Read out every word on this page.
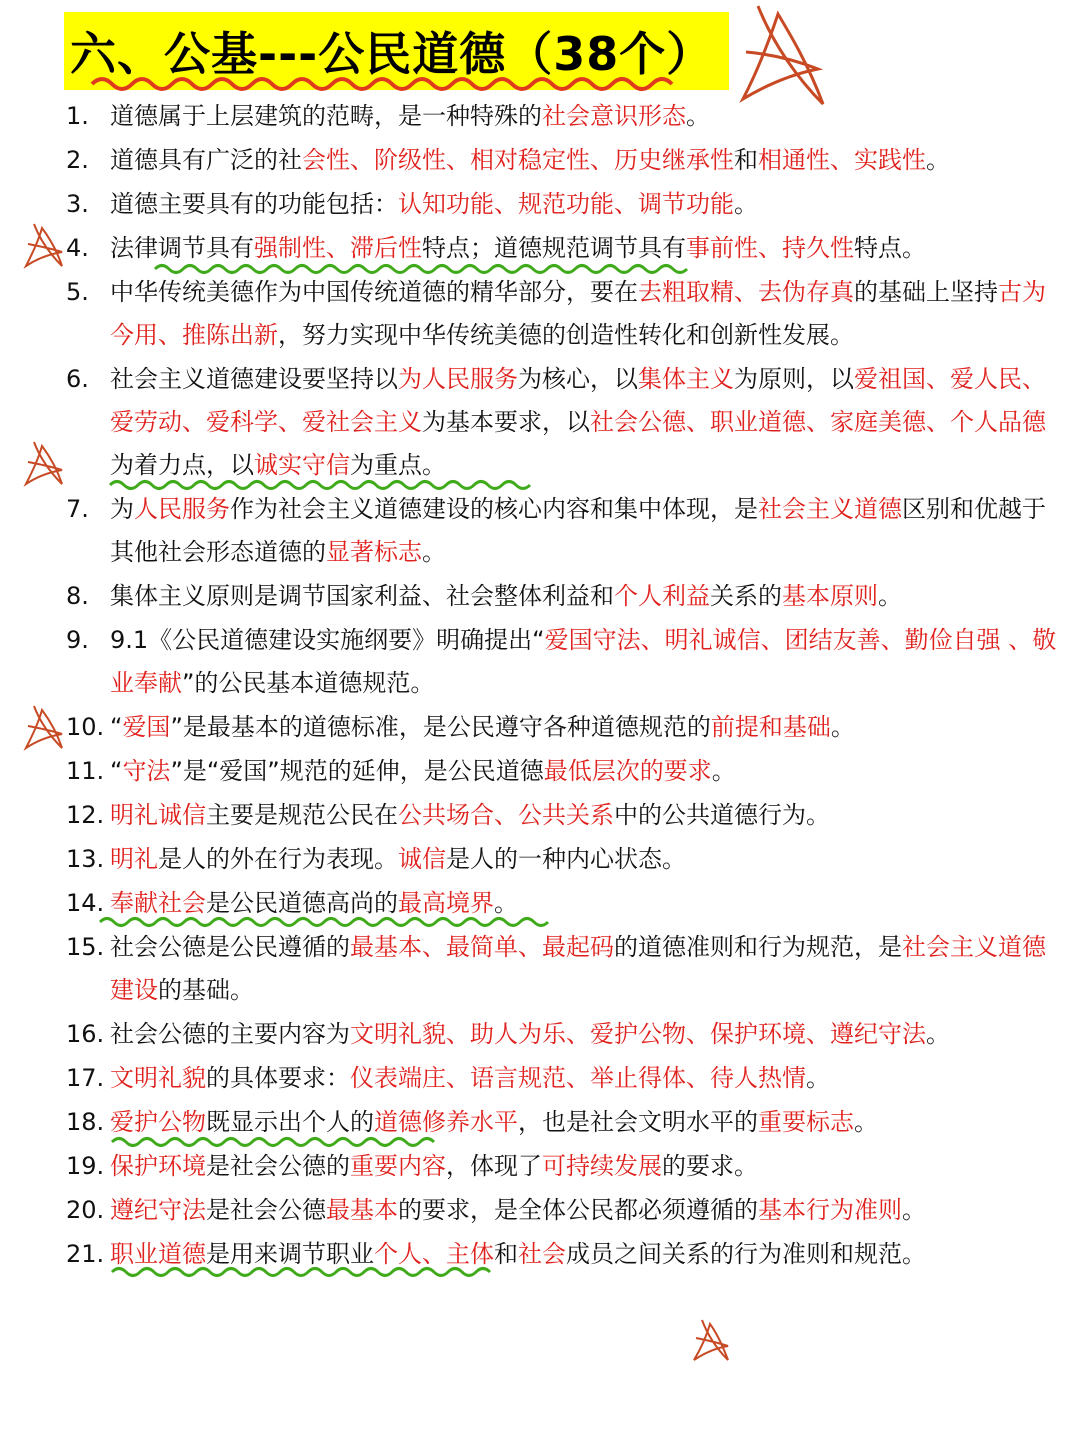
六、公基---公民道德（38个）
1. 道德属于上层建筑的范畴，是一种特殊的社会意识形态。
2. 道德具有广泛的社会性、阶级性、相对稳定性、历史继承性和相通性、实践性。
3. 道德主要具有的功能包括：认知功能、规范功能、调节功能。
4. 法律调节具有强制性、滞后性特点；道德规范调节具有事前性、持久性特点。
5. 中华传统美德作为中国传统道德的精华部分，要在去粗取精、去伪存真的基础上坚持古为今用、推陈出新，努力实现中华传统美德的创造性转化和创新性发展。
6. 社会主义道德建设要坚持以为人民服务为核心，以集体主义为原则，以爱祖国、爱人民、爱劳动、爱科学、爱社会主义为基本要求，以社会公德、职业道德、家庭美德、个人品德为着力点，以诚实守信为重点。
7. 为人民服务作为社会主义道德建设的核心内容和集中体现，是社会主义道德区别和优越于其他社会形态道德的显著标志。
8. 集体主义原则是调节国家利益、社会整体利益和个人利益关系的基本原则。
9. 9.1《公民道德建设实施纲要》明确提出“爱国守法、明礼诚信、团结友善、勤俭自强 、敬业奉献”的公民基本道德规范。
10. “爱国”是最基本的道德标准，是公民遵守各种道德规范的前提和基础。
11. “守法”是“爱国”规范的延伸，是公民道德最低层次的要求。
12. 明礼诚信主要是规范公民在公共场合、公共关系中的公共道德行为。
13. 明礼是人的外在行为表现。诚信是人的一种内心状态。
14. 奉献社会是公民道德高尚的最高境界。
15. 社会公德是公民遵循的最基本、最简单、最起码的道德准则和行为规范，是社会主义道德建设的基础。
16. 社会公德的主要内容为文明礼貌、助人为乐、爱护公物、保护环境、遵纪守法。
17. 文明礼貌的具体要求：仪表端庄、语言规范、举止得体、待人热情。
18. 爱护公物既显示出个人的道德修养水平，也是社会文明水平的重要标志。
19. 保护环境是社会公德的重要内容，体现了可持续发展的要求。
20. 遵纪守法是社会公德最基本的要求，是全体公民都必须遵循的基本行为准则。
21. 职业道德是用来调节职业个人、主体和社会成员之间关系的行为准则和规范。
